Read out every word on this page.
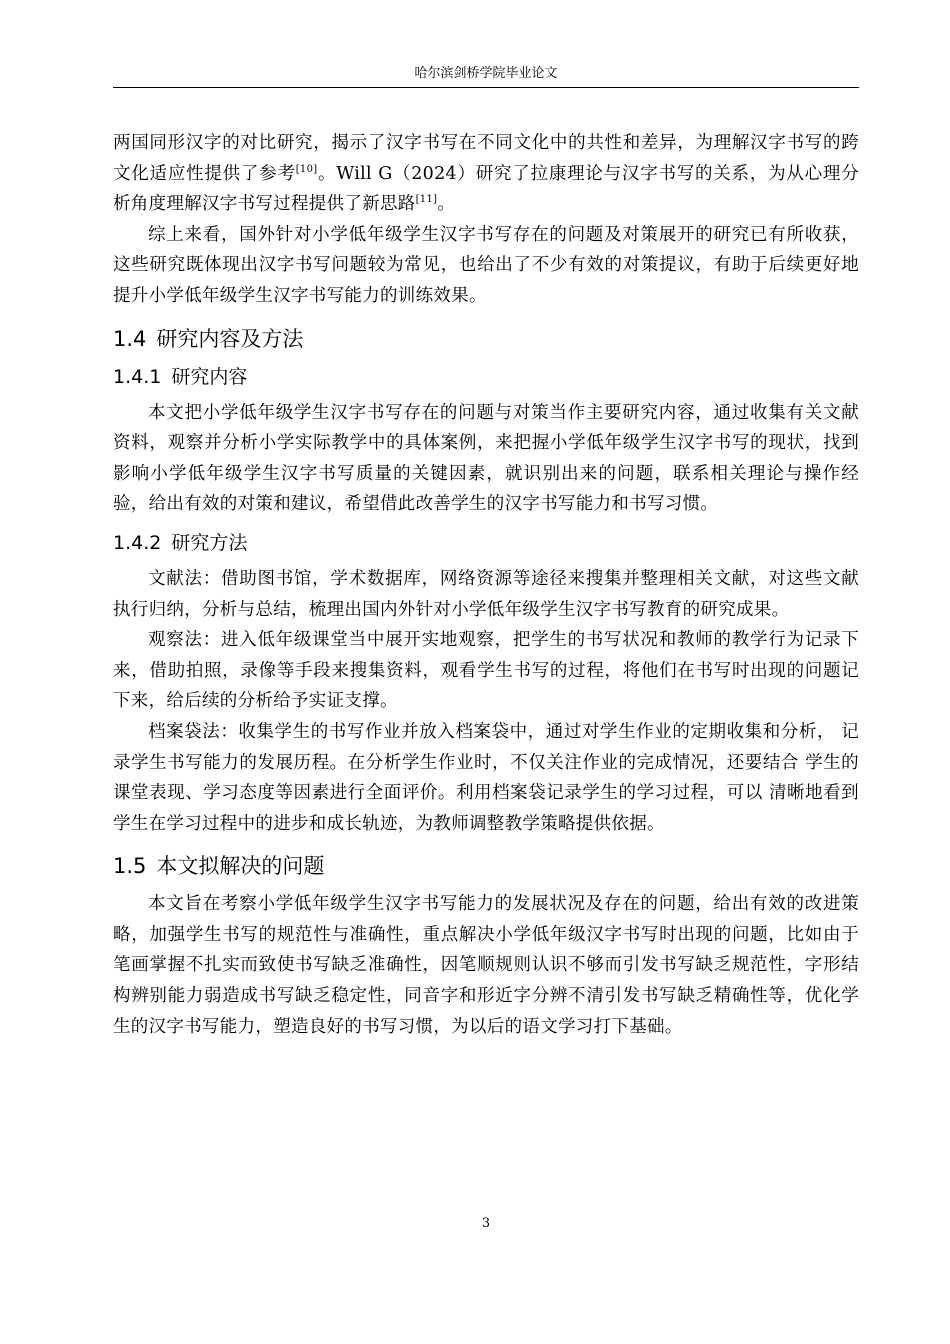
哈尔滨剑桥学院毕业论文

两国同形汉字的对比研究，揭示了汉字书写在不同文化中的共性和差异，为理解汉字书写的跨文化适应性提供了参考[10]。Will G（2024）研究了拉康理论与汉字书写的关系，为从心理分析角度理解汉字书写过程提供了新思路[11]。

综上来看，国外针对小学低年级学生汉字书写存在的问题及对策展开的研究已有所收获，这些研究既体现出汉字书写问题较为常见，也给出了不少有效的对策提议，有助于后续更好地提升小学低年级学生汉字书写能力的训练效果。

1.4 研究内容及方法
1.4.1 研究内容

本文把小学低年级学生汉字书写存在的问题与对策当作主要研究内容，通过收集有关文献资料，观察并分析小学实际教学中的具体案例，来把握小学低年级学生汉字书写的现状，找到影响小学低年级学生汉字书写质量的关键因素，就识别出来的问题，联系相关理论与操作经验，给出有效的对策和建议，希望借此改善学生的汉字书写能力和书写习惯。

1.4.2 研究方法

文献法：借助图书馆，学术数据库，网络资源等途径来搜集并整理相关文献，对这些文献执行归纳，分析与总结，梳理出国内外针对小学低年级学生汉字书写教育的研究成果。

观察法：进入低年级课堂当中展开实地观察，把学生的书写状况和教师的教学行为记录下来，借助拍照，录像等手段来搜集资料，观看学生书写的过程，将他们在书写时出现的问题记下来，给后续的分析给予实证支撑。

档案袋法：收集学生的书写作业并放入档案袋中，通过对学生作业的定期收集和分析， 记录学生书写能力的发展历程。在分析学生作业时，不仅关注作业的完成情况，还要结合 学生的课堂表现、学习态度等因素进行全面评价。利用档案袋记录学生的学习过程，可以 清晰地看到学生在学习过程中的进步和成长轨迹，为教师调整教学策略提供依据。

1.5 本文拟解决的问题

本文旨在考察小学低年级学生汉字书写能力的发展状况及存在的问题，给出有效的改进策略，加强学生书写的规范性与准确性，重点解决小学低年级汉字书写时出现的问题，比如由于笔画掌握不扎实而致使书写缺乏准确性，因笔顺规则认识不够而引发书写缺乏规范性，字形结构辨别能力弱造成书写缺乏稳定性，同音字和形近字分辨不清引发书写缺乏精确性等，优化学生的汉字书写能力，塑造良好的书写习惯，为以后的语文学习打下基础。

3
